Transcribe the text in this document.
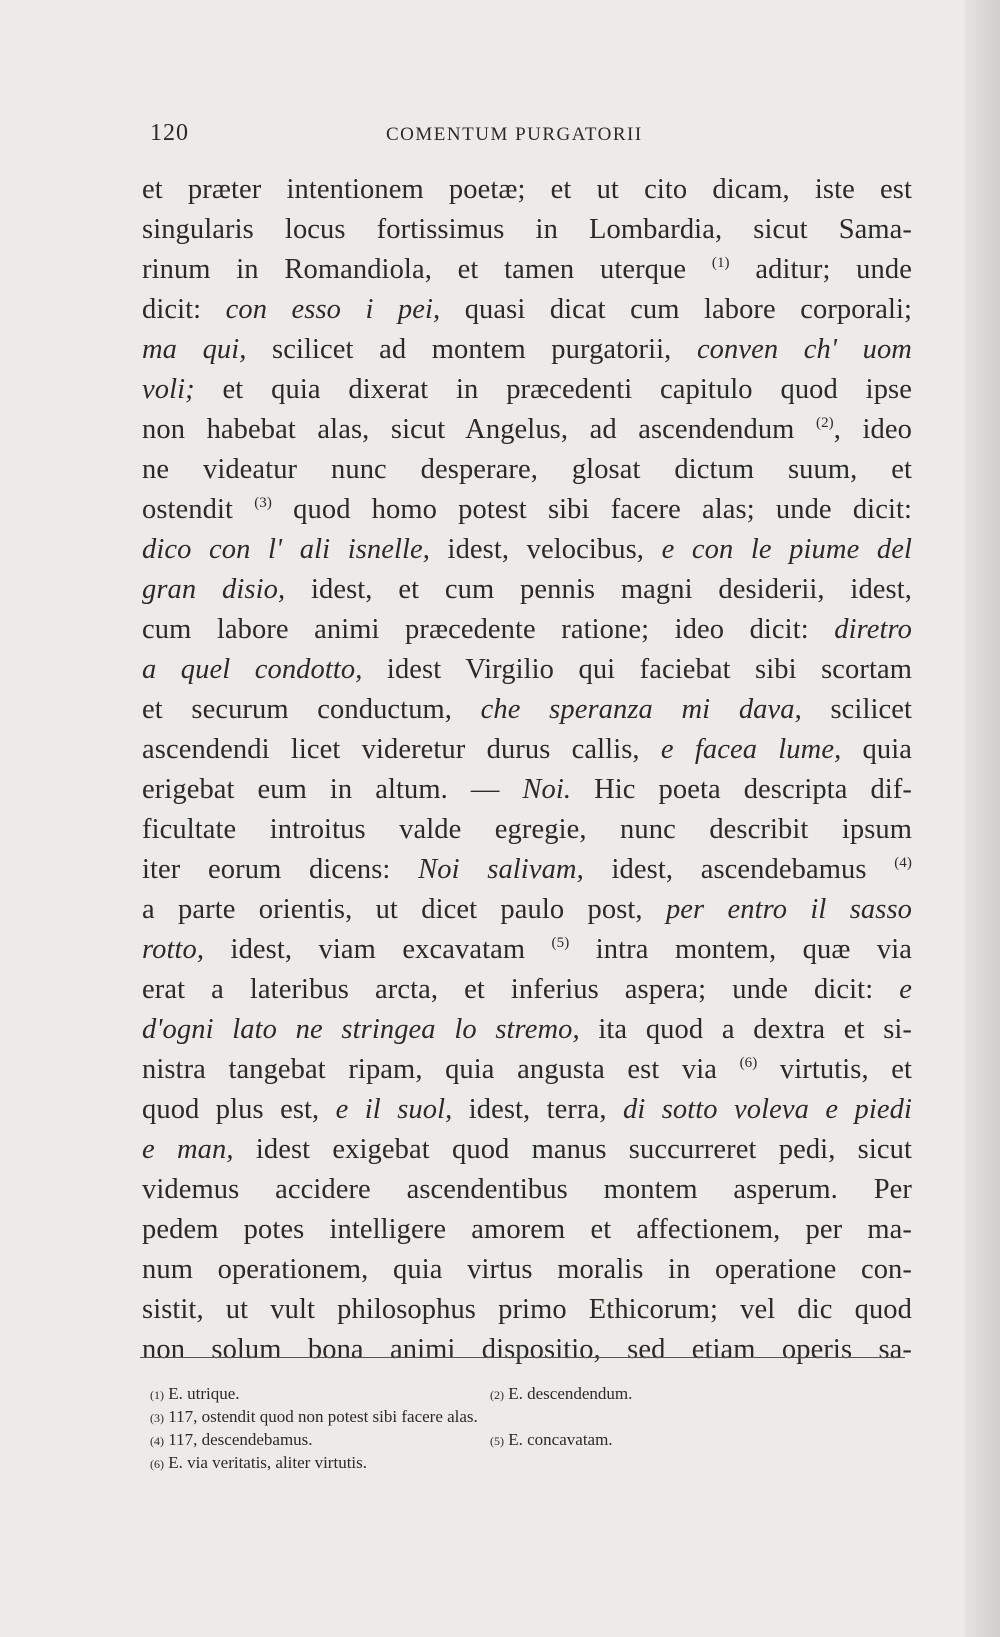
120	COMENTUM PURGATORII
et præter intentionem poetæ; et ut cito dicam, iste est
singularis locus fortissimus in Lombardia, sicut Sama-
rinum in Romandiola, et tamen uterque $^{(1)}$ aditur; unde
dicit: con esso i pei, quasi dicat cum labore corporali;
ma qui, scilicet ad montem purgatorii, conven ch' uom
voli; et quia dixerat in præcedenti capitulo quod ipse
non habebat alas, sicut Angelus, ad ascendendum $^{(2)}$, ideo
ne videatur nunc desperare, glosat dictum suum, et
ostendit $^{(3)}$ quod homo potest sibi facere alas; unde dicit:
dico con l' ali isnelle, idest, velocibus, e con le piume del
gran disio, idest, et cum pennis magni desiderii, idest,
cum labore animi præcedente ratione; ideo dicit: diretro
a quel condotto, idest Virgilio qui faciebat sibi scortam
et securum conductum, che speranza mi dava, scilicet
ascendendi licet videretur durus callis, e facea lume, quia
erigebat eum in altum. — Noi. Hic poeta descripta dif-
ficultate introitus valde egregie, nunc describit ipsum
iter eorum dicens: Noi salivam, idest, ascendebamus $^{(4)}$
a parte orientis, ut dicet paulo post, per entro il sasso
rotto, idest, viam excavatam $^{(5)}$ intra montem, quæ via
erat a lateribus arcta, et inferius aspera; unde dicit: e
d'ogni lato ne stringea lo stremo, ita quod a dextra et si-
nistra tangebat ripam, quia angusta est via $^{(6)}$ virtutis, et
quod plus est, e il suol, idest, terra, di sotto voleva e piedi
e man, idest exigebat quod manus succurreret pedi, sicut
videmus accidere ascendentibus montem asperum. Per
pedem potes intelligere amorem et affectionem, per ma-
num operationem, quia virtus moralis in operatione con-
sistit, ut vult philosophus primo Ethicorum; vel dic quod
non solum bona animi dispositio, sed etiam operis sa-
(1) E. utrique.	(2) E. descendendum.
(3) 117, ostendit quod non potest sibi facere alas.
(4) 117, descendebamus.	(5) E. concavatam.
(6) E. via veritatis, aliter virtutis.
